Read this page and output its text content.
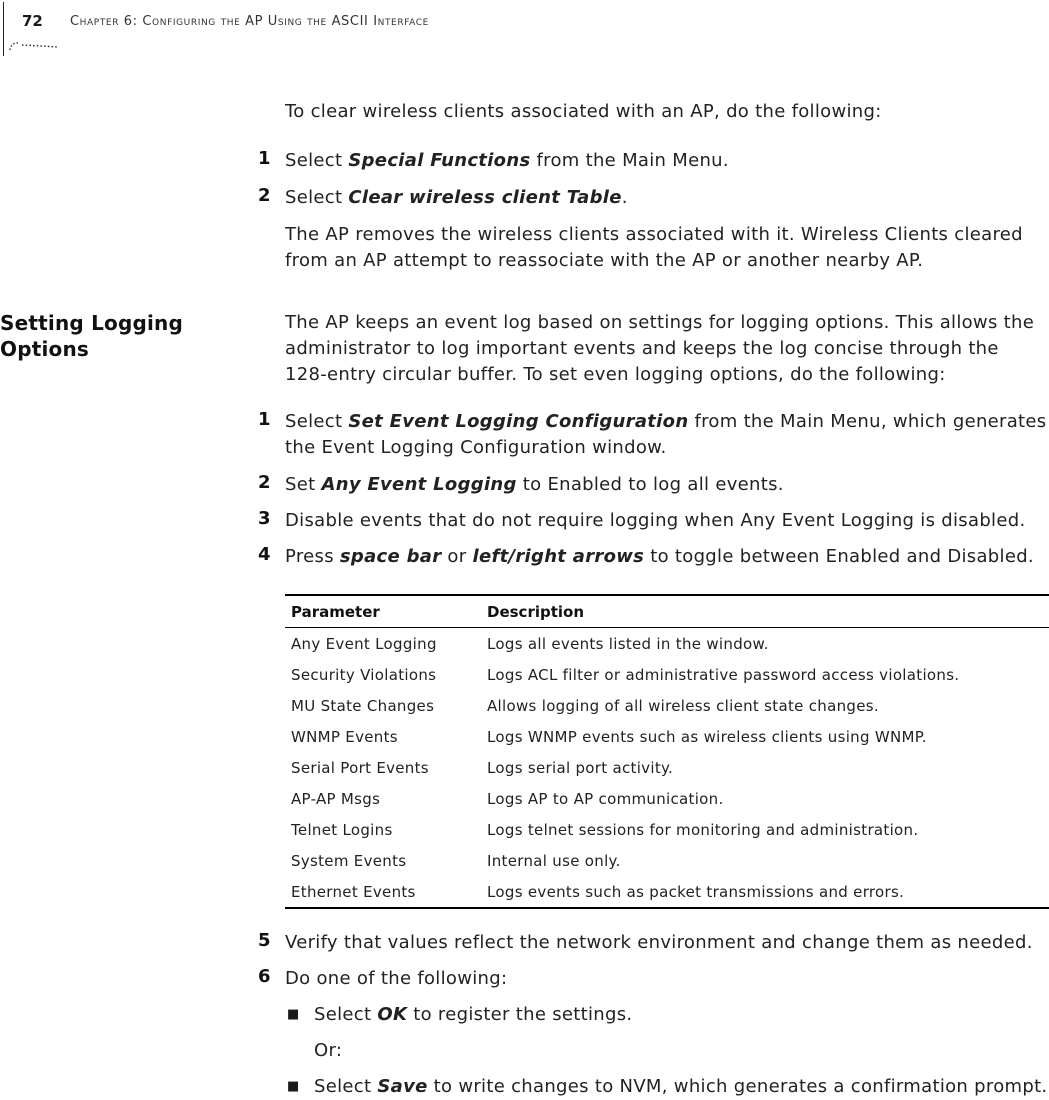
72 Chapter 6: Configuring the AP Using the ASCII Interface
To clear wireless clients associated with an AP, do the following:
1 Select Special Functions from the Main Menu.
2 Select Clear wireless client Table.
The AP removes the wireless clients associated with it. Wireless Clients cleared from an AP attempt to reassociate with the AP or another nearby AP.
Setting Logging Options
The AP keeps an event log based on settings for logging options. This allows the administrator to log important events and keeps the log concise through the 128-entry circular buffer. To set even logging options, do the following:
1 Select Set Event Logging Configuration from the Main Menu, which generates the Event Logging Configuration window.
2 Set Any Event Logging to Enabled to log all events.
3 Disable events that do not require logging when Any Event Logging is disabled.
4 Press space bar or left/right arrows to toggle between Enabled and Disabled.
Parameter	Description
Any Event Logging	Logs all events listed in the window.
Security Violations	Logs ACL filter or administrative password access violations.
MU State Changes	Allows logging of all wireless client state changes.
WNMP Events	Logs WNMP events such as wireless clients using WNMP.
Serial Port Events	Logs serial port activity.
AP-AP Msgs	Logs AP to AP communication.
Telnet Logins	Logs telnet sessions for monitoring and administration.
System Events	Internal use only.
Ethernet Events	Logs events such as packet transmissions and errors.
5 Verify that values reflect the network environment and change them as needed.
6 Do one of the following:
■ Select OK to register the settings.
Or:
■ Select Save to write changes to NVM, which generates a confirmation prompt.
